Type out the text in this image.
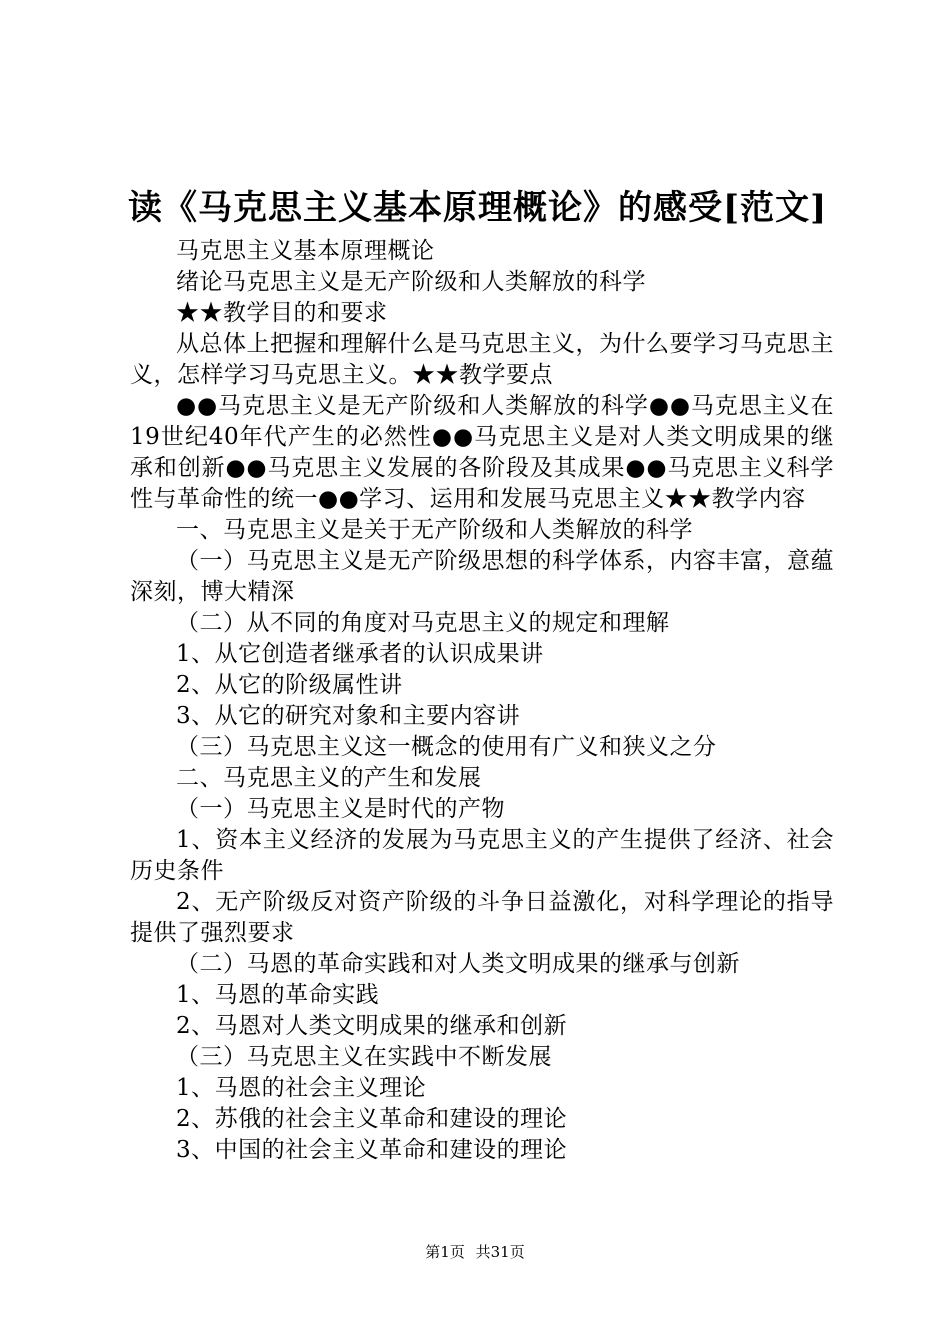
读《马克思主义基本原理概论》的感受[范文]

马克思主义基本原理概论

绪论马克思主义是无产阶级和人类解放的科学

★★教学目的和要求

从总体上把握和理解什么是马克思主义，为什么要学习马克思主义，怎样学习马克思主义。★★教学要点

●●马克思主义是无产阶级和人类解放的科学●●马克思主义在19世纪40年代产生的必然性●●马克思主义是对人类文明成果的继承和创新●●马克思主义发展的各阶段及其成果●●马克思主义科学性与革命性的统一●●学习、运用和发展马克思主义★★教学内容

一、马克思主义是关于无产阶级和人类解放的科学

（一）马克思主义是无产阶级思想的科学体系，内容丰富，意蕴深刻，博大精深

（二）从不同的角度对马克思主义的规定和理解

1、从它创造者继承者的认识成果讲

2、从它的阶级属性讲

3、从它的研究对象和主要内容讲

（三）马克思主义这一概念的使用有广义和狭义之分

二、马克思主义的产生和发展

（一）马克思主义是时代的产物

1、资本主义经济的发展为马克思主义的产生提供了经济、社会历史条件

2、无产阶级反对资产阶级的斗争日益激化，对科学理论的指导提供了强烈要求

（二）马恩的革命实践和对人类文明成果的继承与创新

1、马恩的革命实践

2、马恩对人类文明成果的继承和创新

（三）马克思主义在实践中不断发展

1、马恩的社会主义理论

2、苏俄的社会主义革命和建设的理论

3、中国的社会主义革命和建设的理论

第1页 共31页
